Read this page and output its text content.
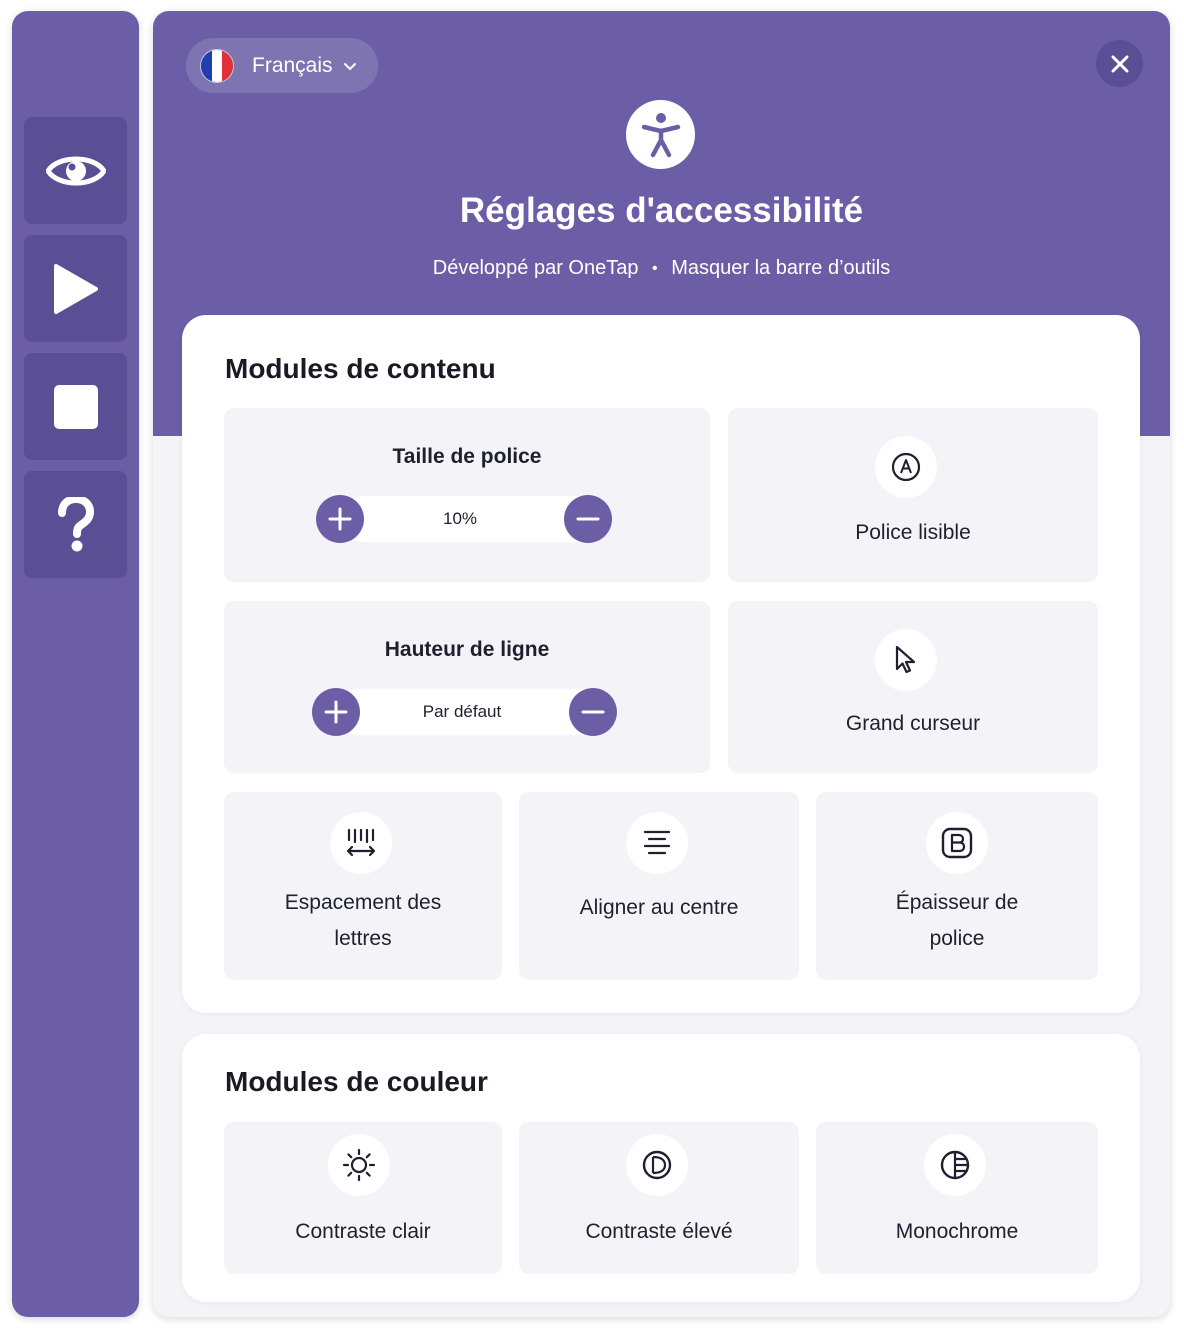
Français
Réglages d'accessibilité
Développé par OneTap • Masquer la barre d’outils
Modules de contenu
Taille de police
10%
Police lisible
Hauteur de ligne
Par défaut
Grand curseur
Espacement des
lettres
Aligner au centre	Épaisseur de
police
Modules de couleur
Contraste clair	Contraste élevé	Monochrome
